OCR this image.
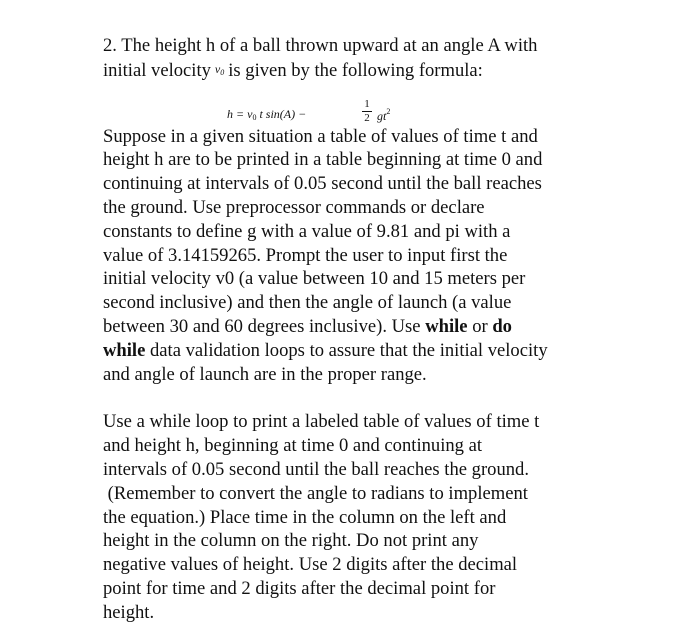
2. The height h of a ball thrown upward at an angle A with
initial velocity $v_0$ is given by the following formula:

$h = v_0$ t sin(A) −
1
2 $gt^2$

Suppose in a given situation a table of values of time t and
height h are to be printed in a table beginning at time 0 and
continuing at intervals of 0.05 second until the ball reaches
the ground. Use preprocessor commands or declare
constants to define g with a value of 9.81 and pi with a
value of 3.14159265. Prompt the user to input first the
initial velocity v0 (a value between 10 and 15 meters per
second inclusive) and then the angle of launch (a value
between 30 and 60 degrees inclusive). Use while or do
while data validation loops to assure that the initial velocity
and angle of launch are in the proper range.

Use a while loop to print a labeled table of values of time t
and height h, beginning at time 0 and continuing at
intervals of 0.05 second until the ball reaches the ground.
(Remember to convert the angle to radians to implement
the equation.) Place time in the column on the left and
height in the column on the right. Do not print any
negative values of height. Use 2 digits after the decimal
point for time and 2 digits after the decimal point for
height.
